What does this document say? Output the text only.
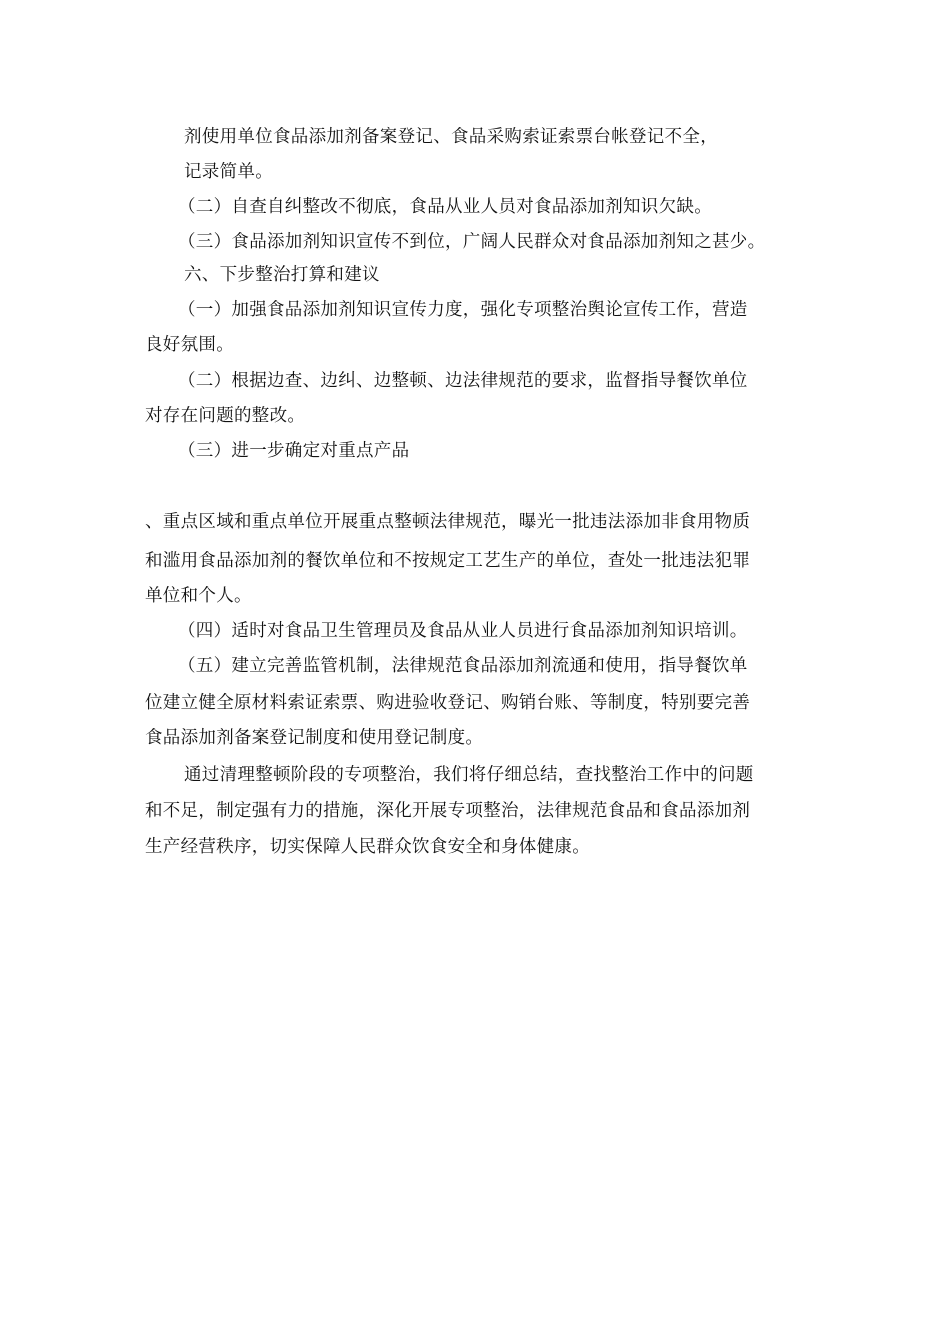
剂使用单位食品添加剂备案登记、食品采购索证索票台帐登记不全，
记录简单。
（二）自查自纠整改不彻底，食品从业人员对食品添加剂知识欠缺。
（三）食品添加剂知识宣传不到位，广阔人民群众对食品添加剂知之甚少。
六、下步整治打算和建议
（一）加强食品添加剂知识宣传力度，强化专项整治舆论宣传工作，营造
良好氛围。
（二）根据边查、边纠、边整顿、边法律规范的要求，监督指导餐饮单位
对存在问题的整改。
（三）进一步确定对重点产品
、重点区域和重点单位开展重点整顿法律规范，曝光一批违法添加非食用物质
和滥用食品添加剂的餐饮单位和不按规定工艺生产的单位，查处一批违法犯罪
单位和个人。
（四）适时对食品卫生管理员及食品从业人员进行食品添加剂知识培训。
（五）建立完善监管机制，法律规范食品添加剂流通和使用，指导餐饮单
位建立健全原材料索证索票、购进验收登记、购销台账、等制度，特别要完善
食品添加剂备案登记制度和使用登记制度。
通过清理整顿阶段的专项整治，我们将仔细总结，查找整治工作中的问题
和不足，制定强有力的措施，深化开展专项整治，法律规范食品和食品添加剂
生产经营秩序，切实保障人民群众饮食安全和身体健康。
